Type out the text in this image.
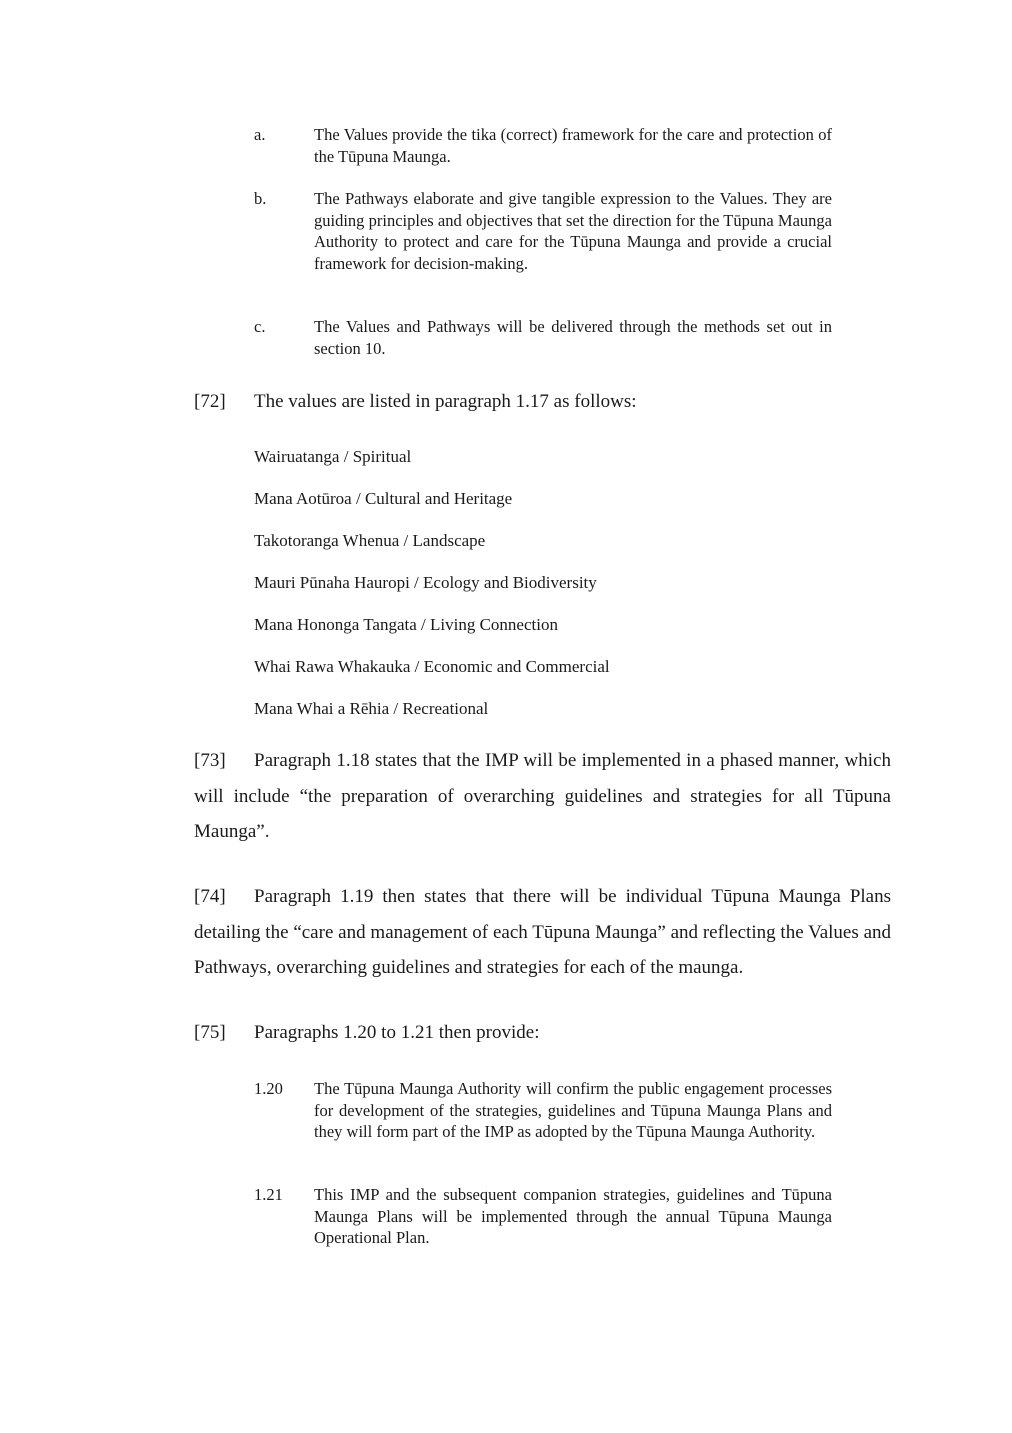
a.	The Values provide the tika (correct) framework for the care and protection of the Tūpuna Maunga.
b.	The Pathways elaborate and give tangible expression to the Values. They are guiding principles and objectives that set the direction for the Tūpuna Maunga Authority to protect and care for the Tūpuna Maunga and provide a crucial framework for decision-making.
c.	The Values and Pathways will be delivered through the methods set out in section 10.
[72] The values are listed in paragraph 1.17 as follows:
Wairuatanga / Spiritual
Mana Aotūroa / Cultural and Heritage
Takotoranga Whenua / Landscape
Mauri Pūnaha Hauropi / Ecology and Biodiversity
Mana Hononga Tangata / Living Connection
Whai Rawa Whakauka / Economic and Commercial
Mana Whai a Rēhia / Recreational
[73] Paragraph 1.18 states that the IMP will be implemented in a phased manner, which will include “the preparation of overarching guidelines and strategies for all Tūpuna Maunga”.
[74] Paragraph 1.19 then states that there will be individual Tūpuna Maunga Plans detailing the “care and management of each Tūpuna Maunga” and reflecting the Values and Pathways, overarching guidelines and strategies for each of the maunga.
[75] Paragraphs 1.20 to 1.21 then provide:
1.20 The Tūpuna Maunga Authority will confirm the public engagement processes for development of the strategies, guidelines and Tūpuna Maunga Plans and they will form part of the IMP as adopted by the Tūpuna Maunga Authority.
1.21 This IMP and the subsequent companion strategies, guidelines and Tūpuna Maunga Plans will be implemented through the annual Tūpuna Maunga Operational Plan.
